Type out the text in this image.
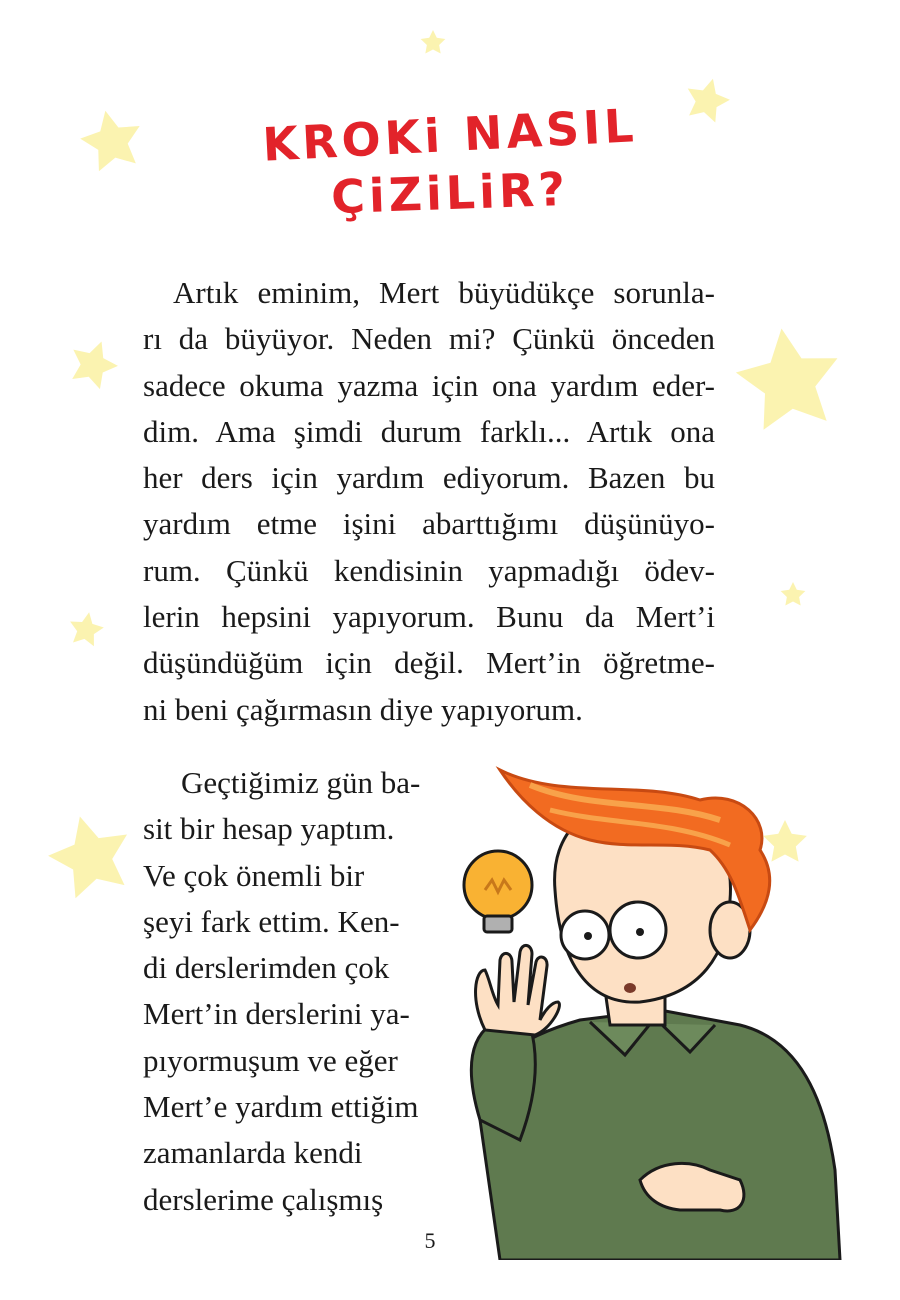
KROKi NASIL
ÇiZiLiR?
Artık eminim, Mert büyüdükçe sorunla-
rı da büyüyor. Neden mi? Çünkü önceden
sadece okuma yazma için ona yardım eder-
dim. Ama şimdi durum farklı... Artık ona
her ders için yardım ediyorum. Bazen bu
yardım etme işini abarttığımı düşünüyo-
rum. Çünkü kendisinin yapmadığı ödev-
lerin hepsini yapıyorum. Bunu da Mert’i
düşündüğüm için değil. Mert’in öğretme-
ni beni çağırmasın diye yapıyorum.
Geçtiğimiz gün ba-
sit bir hesap yaptım.
Ve çok önemli bir
şeyi fark ettim. Ken-
di derslerimden çok
Mert’in derslerini ya-
pıyormuşum ve eğer
Mert’e yardım ettiğim
zamanlarda kendi
derslerime çalışmış
5
